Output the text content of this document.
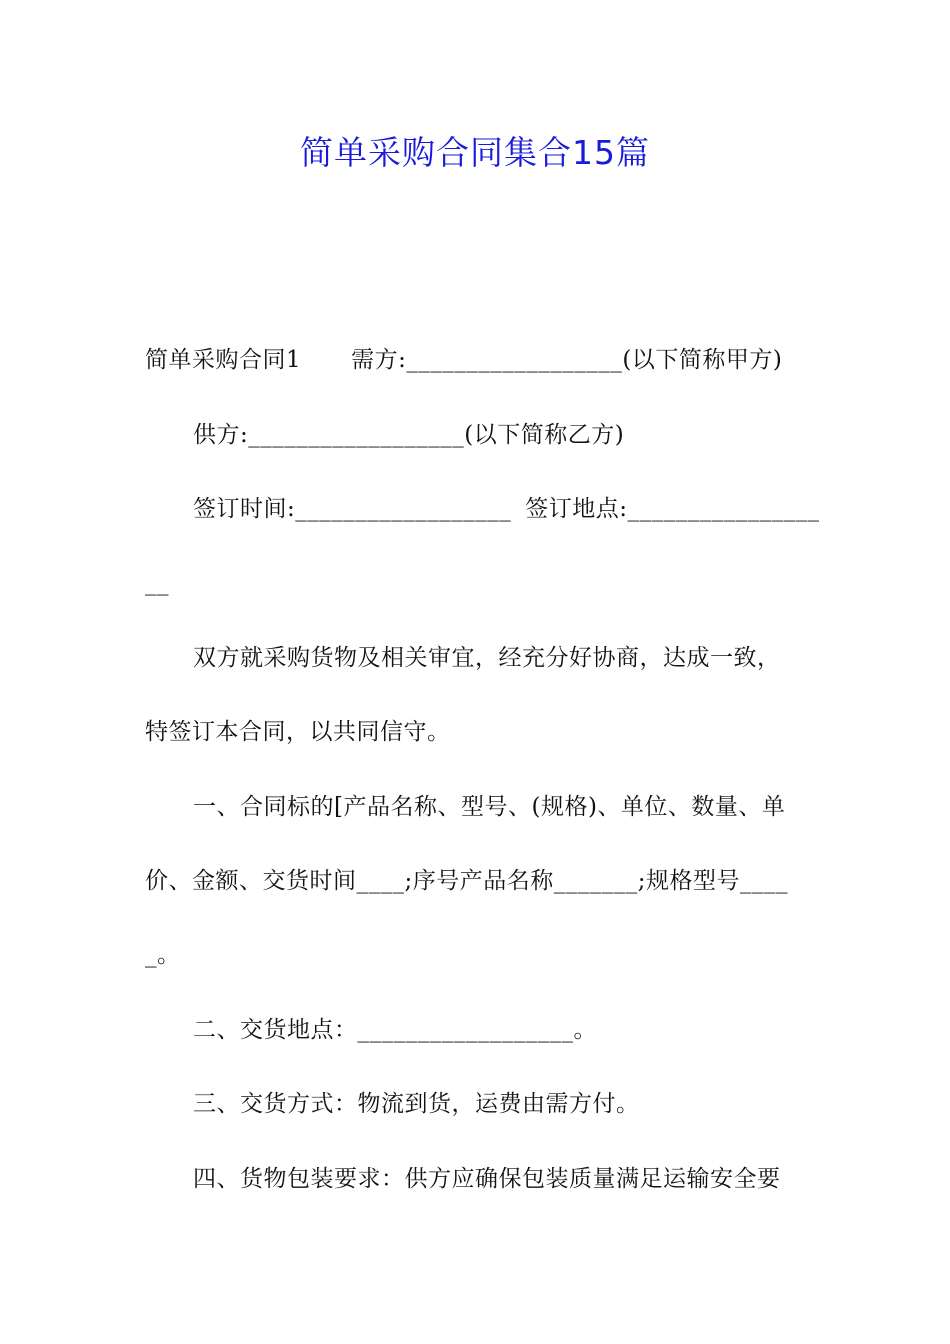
简单采购合同集合15篇
简单采购合同1 需方:__________________(以下简称甲方)
供方:__________________(以下简称乙方)
签订时间:__________________ 签订地点:________________
__
双方就采购货物及相关审宜，经充分好协商，达成一致，
特签订本合同，以共同信守。
一、合同标的[产品名称、型号、(规格)、单位、数量、单
价、金额、交货时间____;序号产品名称_______;规格型号____
_。
二、交货地点：__________________。
三、交货方式：物流到货，运费由需方付。
四、货物包装要求：供方应确保包装质量满足运输安全要
